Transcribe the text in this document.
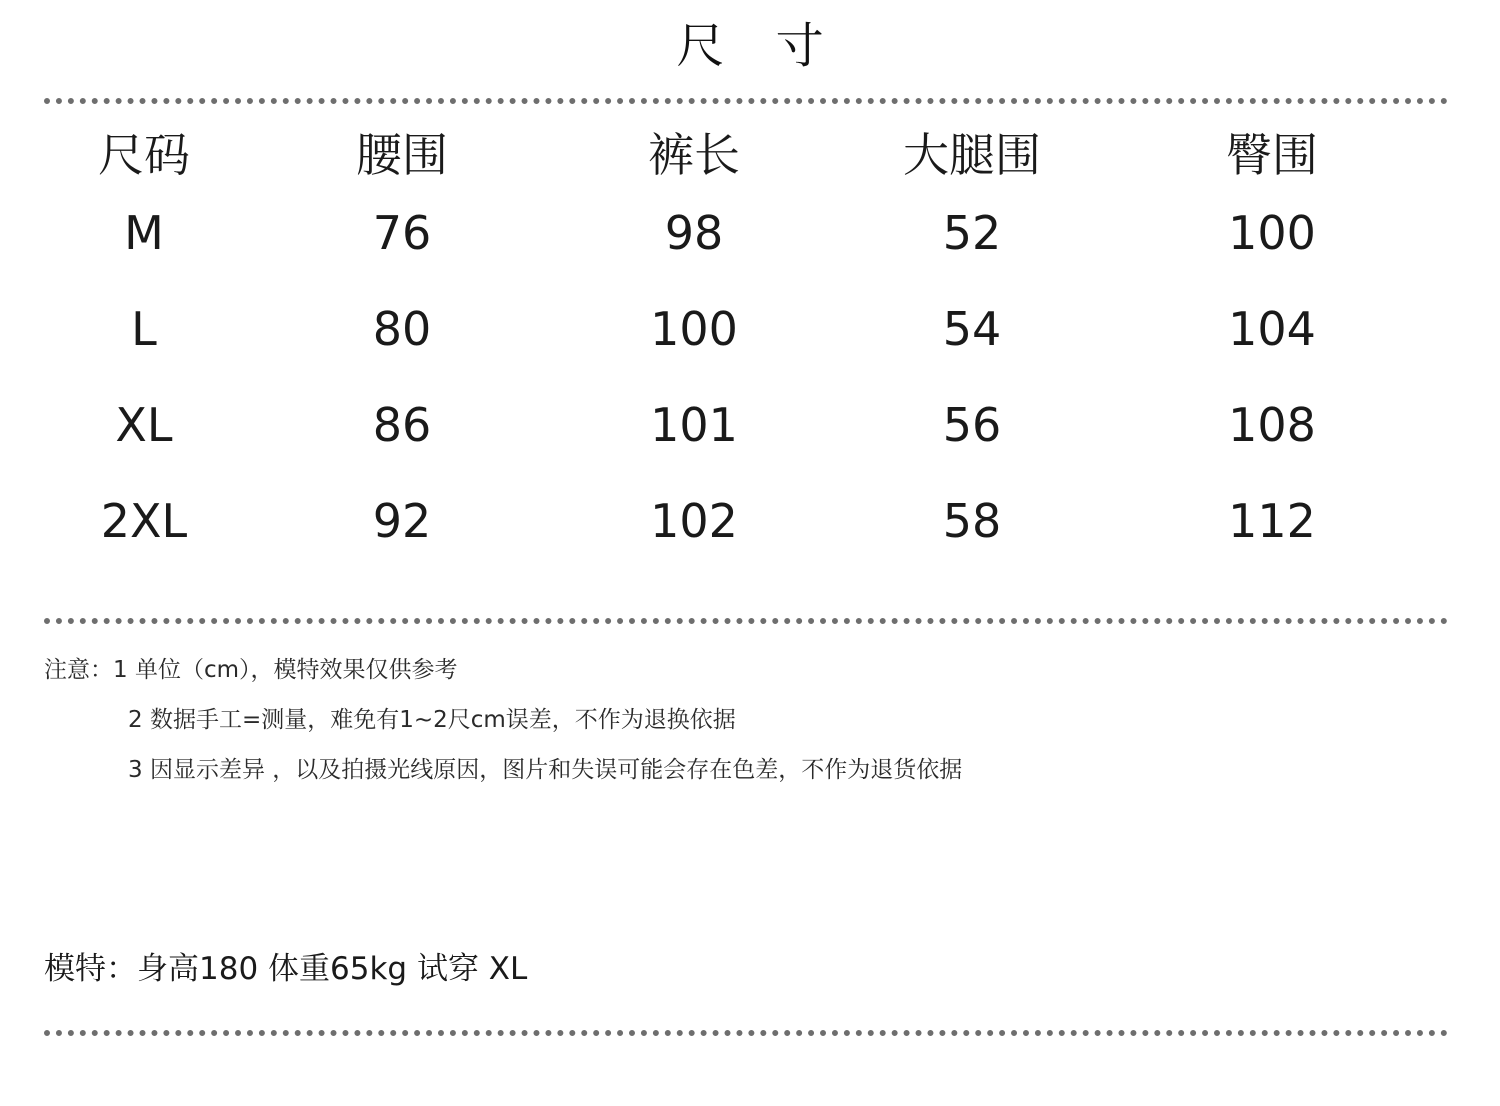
尺 寸
尺码	腰围	裤长	大腿围	臀围
M	76	98	52	100
L	80	100	54	104
XL	86	101	56	108
2XL	92	102	58	112
注意：1 单位（cm），模特效果仅供参考
2 数据手工=测量，难免有1~2尺cm误差，不作为退换依据
3 因显示差异 ，以及拍摄光线原因，图片和失误可能会存在色差，不作为退货依据
模特：身高180 体重65kg 试穿 XL
